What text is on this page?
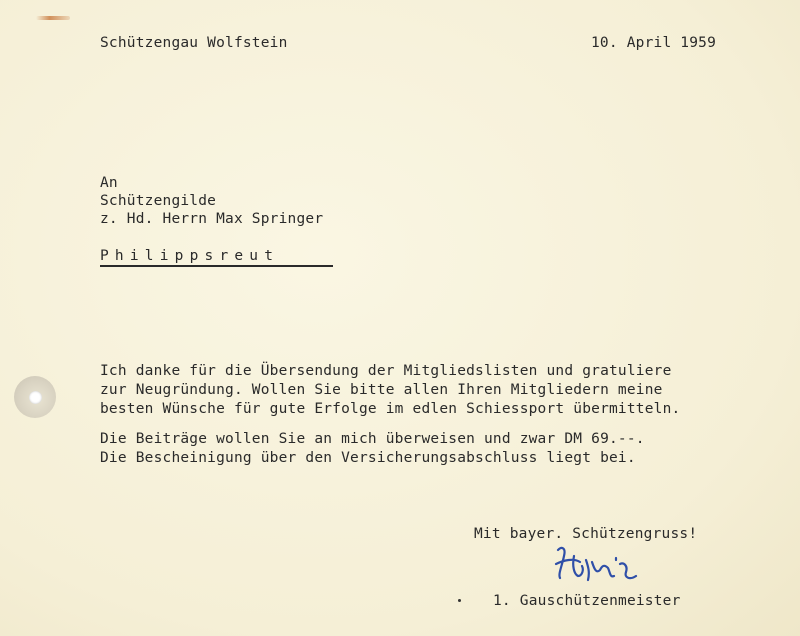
Schützengau Wolfstein	10. April 1959
An
Schützengilde
z. Hd. Herrn Max Springer
Philippsreut
Ich danke für die Übersendung der Mitgliedslisten und gratuliere
zur Neugründung. Wollen Sie bitte allen Ihren Mitgliedern meine
besten Wünsche für gute Erfolge im edlen Schiessport übermitteln.
Die Beiträge wollen Sie an mich überweisen und zwar DM 69.--.
Die Bescheinigung über den Versicherungsabschluss liegt bei.
Mit bayer. Schützengruss!
1. Gauschützenmeister
